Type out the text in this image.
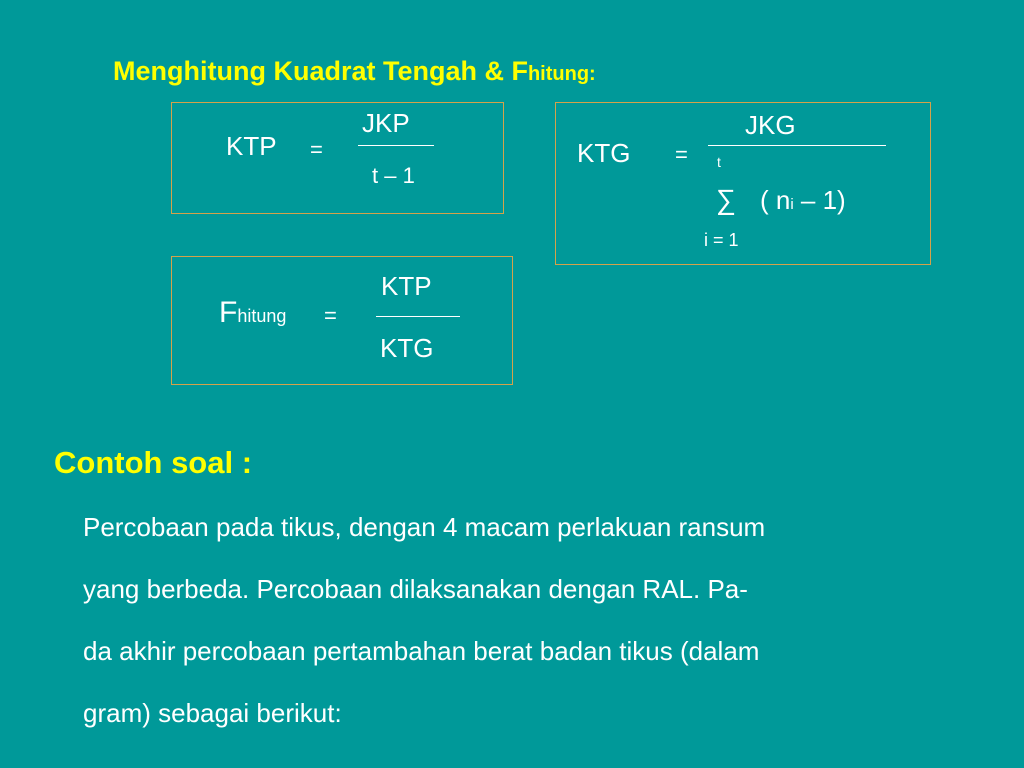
Menghitung Kuadrat Tengah & Fhitung:
KTP =
JKP
t – 1
KTG =
JKG
t
∑ ( ni – 1)
i = 1
Fhitung =
KTP
KTG
Contoh soal :
Percobaan pada tikus, dengan 4 macam perlakuan ransum
yang berbeda. Percobaan dilaksanakan dengan RAL. Pa-
da akhir percobaan pertambahan berat badan tikus (dalam
gram) sebagai berikut:
